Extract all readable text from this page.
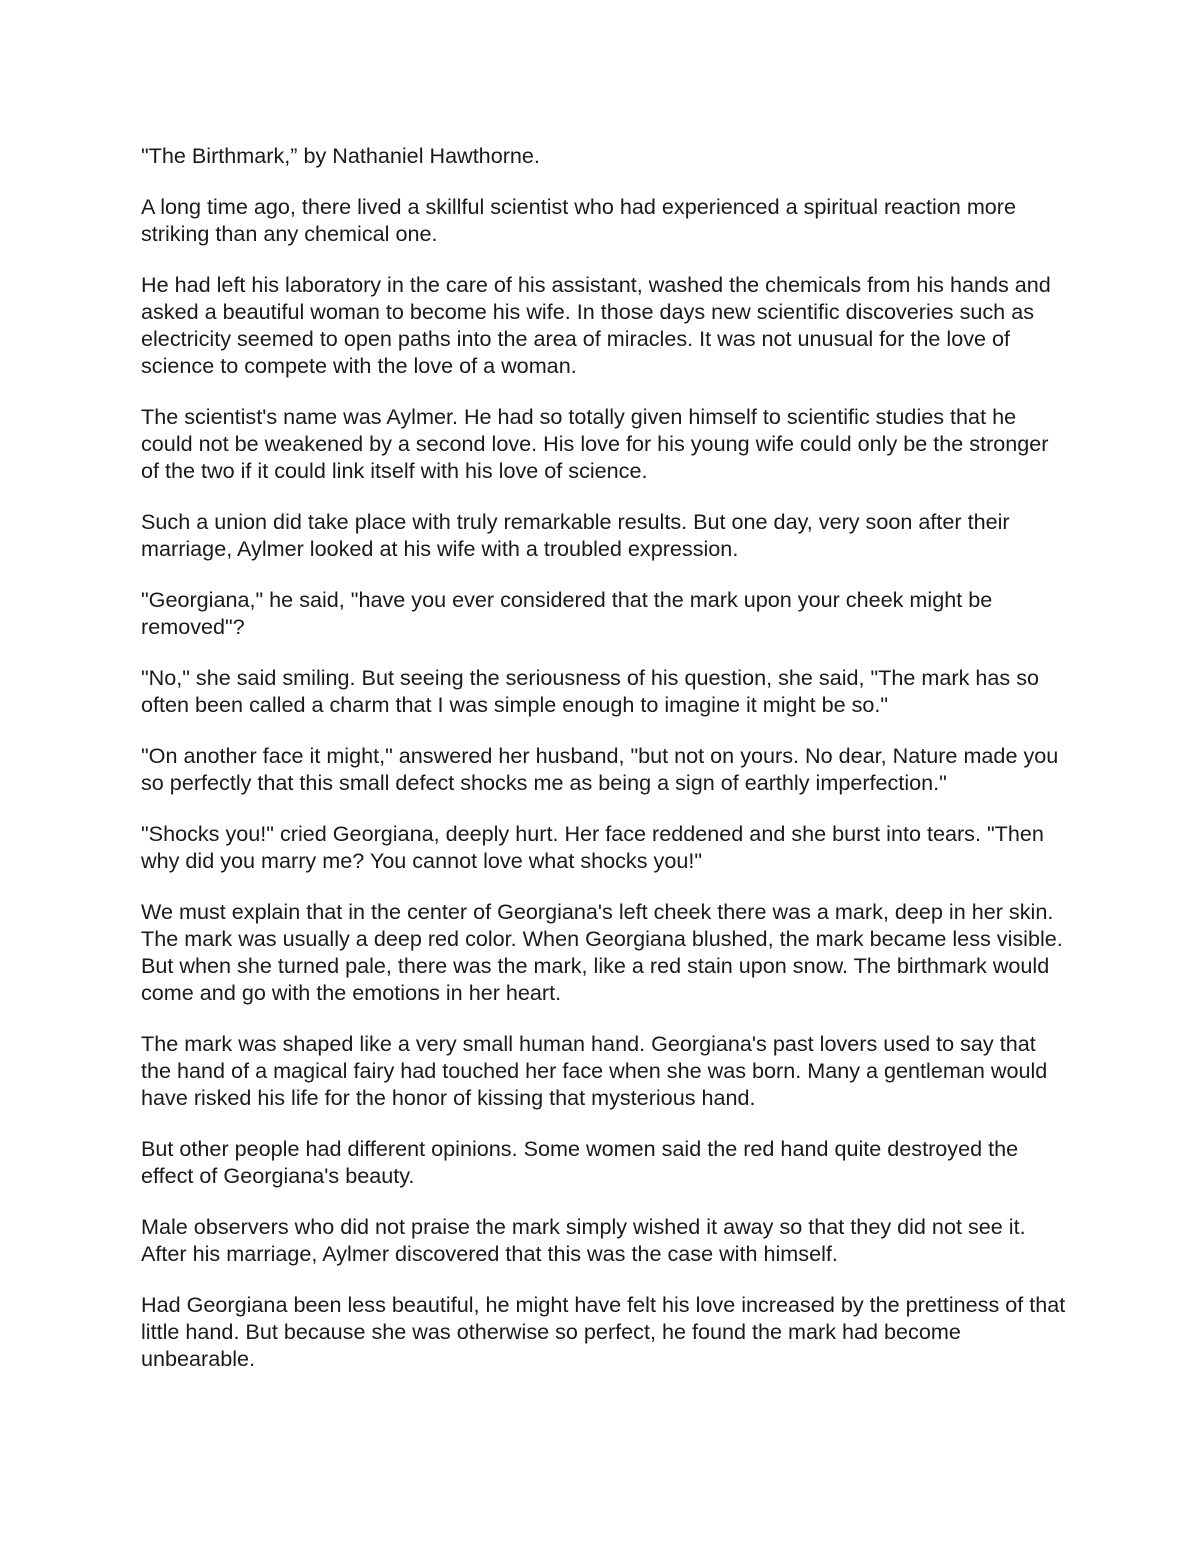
"The Birthmark,” by Nathaniel Hawthorne.

A long time ago, there lived a skillful scientist who had experienced a spiritual reaction more striking than any chemical one.

He had left his laboratory in the care of his assistant, washed the chemicals from his hands and asked a beautiful woman to become his wife. In those days new scientific discoveries such as electricity seemed to open paths into the area of miracles. It was not unusual for the love of science to compete with the love of a woman.

The scientist's name was Aylmer. He had so totally given himself to scientific studies that he could not be weakened by a second love. His love for his young wife could only be the stronger of the two if it could link itself with his love of science.

Such a union did take place with truly remarkable results. But one day, very soon after their marriage, Aylmer looked at his wife with a troubled expression.

"Georgiana," he said, "have you ever considered that the mark upon your cheek might be removed"?

"No," she said smiling. But seeing the seriousness of his question, she said, "The mark has so often been called a charm that I was simple enough to imagine it might be so."

"On another face it might," answered her husband, "but not on yours. No dear, Nature made you so perfectly that this small defect shocks me as being a sign of earthly imperfection."

"Shocks you!" cried Georgiana, deeply hurt. Her face reddened and she burst into tears. "Then why did you marry me? You cannot love what shocks you!"

We must explain that in the center of Georgiana's left cheek there was a mark, deep in her skin. The mark was usually a deep red color. When Georgiana blushed, the mark became less visible. But when she turned pale, there was the mark, like a red stain upon snow. The birthmark would come and go with the emotions in her heart.

The mark was shaped like a very small human hand. Georgiana's past lovers used to say that the hand of a magical fairy had touched her face when she was born. Many a gentleman would have risked his life for the honor of kissing that mysterious hand.

But other people had different opinions. Some women said the red hand quite destroyed the effect of Georgiana's beauty.

Male observers who did not praise the mark simply wished it away so that they did not see it. After his marriage, Aylmer discovered that this was the case with himself.

Had Georgiana been less beautiful, he might have felt his love increased by the prettiness of that little hand. But because she was otherwise so perfect, he found the mark had become unbearable.
